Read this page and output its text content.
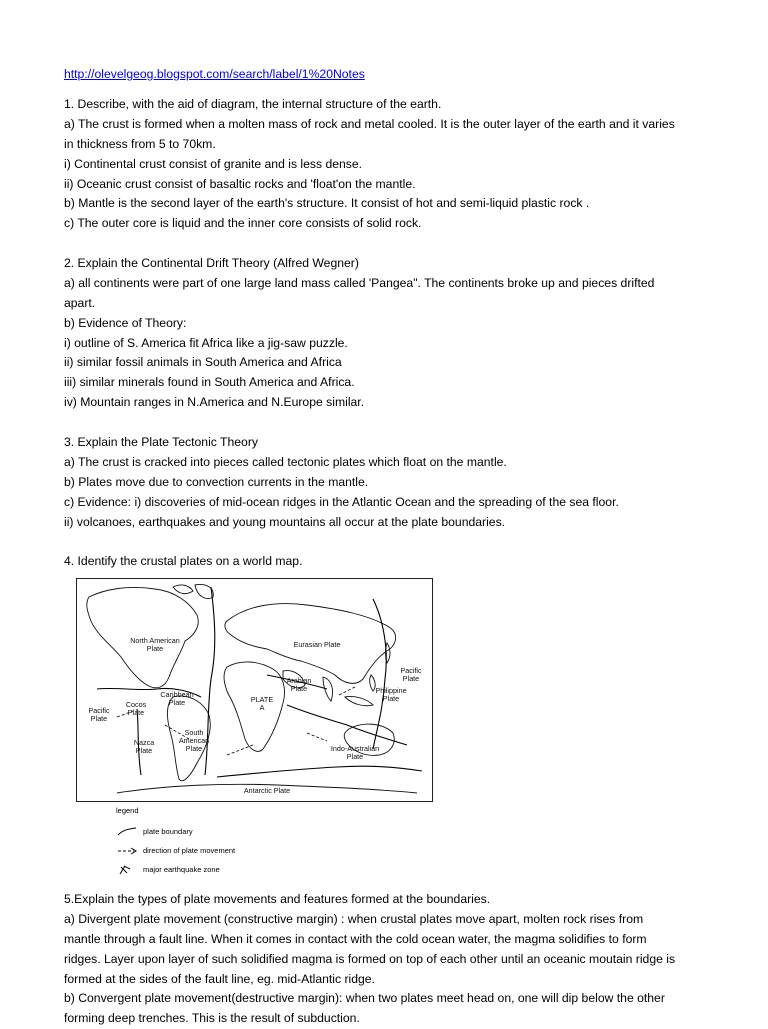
http://olevelgeog.blogspot.com/search/label/1%20Notes
1. Describe, with the aid of diagram, the internal structure of the earth.
a) The crust is formed when a molten mass of rock and metal cooled. It is the outer layer of the earth and it varies
in thickness from 5 to 70km.
i) Continental crust consist of granite and is less dense.
ii) Oceanic crust consist of basaltic rocks and 'float'on the mantle.
b) Mantle is the second layer of the earth's structure. It consist of hot and semi-liquid plastic rock .
c) The outer core is liquid and the inner core consists of solid rock.
2. Explain the Continental Drift Theory (Alfred Wegner)
a) all continents were part of one large land mass called 'Pangea". The continents broke up and pieces drifted
apart.
b) Evidence of Theory:
i) outline of S. America fit Africa like a jig-saw puzzle.
ii) similar fossil animals in South America and Africa
iii) similar minerals found in South America and Africa.
iv) Mountain ranges in N.America and N.Europe similar.
3. Explain the Plate Tectonic Theory
a) The crust is cracked into pieces called tectonic plates which float on the mantle.
b) Plates move due to convection currents in the mantle.
c) Evidence: i) discoveries of mid-ocean ridges in the Atlantic Ocean and the spreading of the sea floor.
ii) volcanoes, earthquakes and young mountains all occur at the plate boundaries.
4. Identify the crustal plates on a world map.
North American
Plate	Eurasian Plate
Pacific
Plate
Arabian
Plate	Philippine
Plate
Caribbean
Plate	PLATE
A
Pacific
Plate
Cocos
Plate
Nazca
Plate
South
American
Plate	Indo-Australian
Plate
Antarctic Plate
legend
plate boundary
direction of plate movement
major earthquake zone
5.Explain the types of plate movements and features formed at the boundaries.
a) Divergent plate movement (constructive margin) : when crustal plates move apart, molten rock rises from
mantle through a fault line. When it comes in contact with the cold ocean water, the magma solidifies to form
ridges. Layer upon layer of such solidified magma is formed on top of each other until an oceanic moutain ridge is
formed at the sides of the fault line, eg. mid-Atlantic ridge.
b) Convergent plate movement(destructive margin): when two plates meet head on, one will dip below the other
forming deep trenches. This is the result of subduction.
